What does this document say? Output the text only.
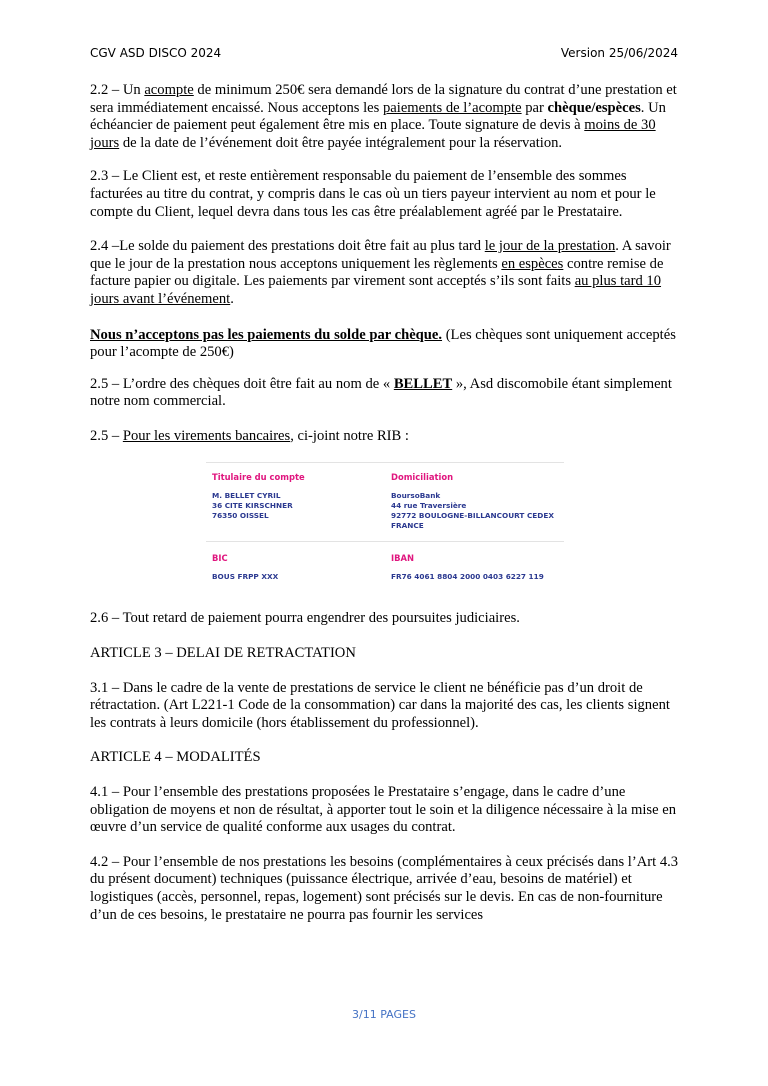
CGV ASD DISCO 2024	Version 25/06/2024

2.2 – Un acompte de minimum 250€ sera demandé lors de la signature du contrat d’une prestation et sera immédiatement encaissé. Nous acceptons les paiements de l’acompte par chèque/espèces. Un échéancier de paiement peut également être mis en place. Toute signature de devis à moins de 30 jours de la date de l’événement doit être payée intégralement pour la réservation.

2.3 – Le Client est, et reste entièrement responsable du paiement de l’ensemble des sommes facturées au titre du contrat, y compris dans le cas où un tiers payeur intervient au nom et pour le compte du Client, lequel devra dans tous les cas être préalablement agréé par le Prestataire.

2.4 –Le solde du paiement des prestations doit être fait au plus tard le jour de la prestation. A savoir que le jour de la prestation nous acceptons uniquement les règlements en espèces contre remise de facture papier ou digitale. Les paiements par virement sont acceptés s’ils sont faits au plus tard 10 jours avant l’événement.

Nous n’acceptons pas les paiements du solde par chèque. (Les chèques sont uniquement acceptés pour l’acompte de 250€)

2.5 – L’ordre des chèques doit être fait au nom de « BELLET », Asd discomobile étant simplement notre nom commercial.

2.5 – Pour les virements bancaires, ci-joint notre RIB :

Titulaire du compte
M. BELLET CYRIL
36 CITE KIRSCHNER
76350 OISSEL
Domiciliation
BoursoBank
44 rue Traversière
92772 BOULOGNE-BILLANCOURT CEDEX
FRANCE
BIC
BOUS FRPP XXX
IBAN
FR76 4061 8804 2000 0403 6227 119

2.6 – Tout retard de paiement pourra engendrer des poursuites judiciaires.

ARTICLE 3 – DELAI DE RETRACTATION

3.1 – Dans le cadre de la vente de prestations de service le client ne bénéficie pas d’un droit de rétractation. (Art L221-1 Code de la consommation) car dans la majorité des cas, les clients signent les contrats à leurs domicile (hors établissement du professionnel).

ARTICLE 4 – MODALITÉS

4.1 – Pour l’ensemble des prestations proposées le Prestataire s’engage, dans le cadre d’une obligation de moyens et non de résultat, à apporter tout le soin et la diligence nécessaire à la mise en œuvre d’un service de qualité conforme aux usages du contrat.

4.2 – Pour l’ensemble de nos prestations les besoins (complémentaires à ceux précisés dans l’Art 4.3 du présent document) techniques (puissance électrique, arrivée d’eau, besoins de matériel) et logistiques (accès, personnel, repas, logement) sont précisés sur le devis. En cas de non-fourniture d’un de ces besoins, le prestataire ne pourra pas fournir les services

3/11 PAGES
